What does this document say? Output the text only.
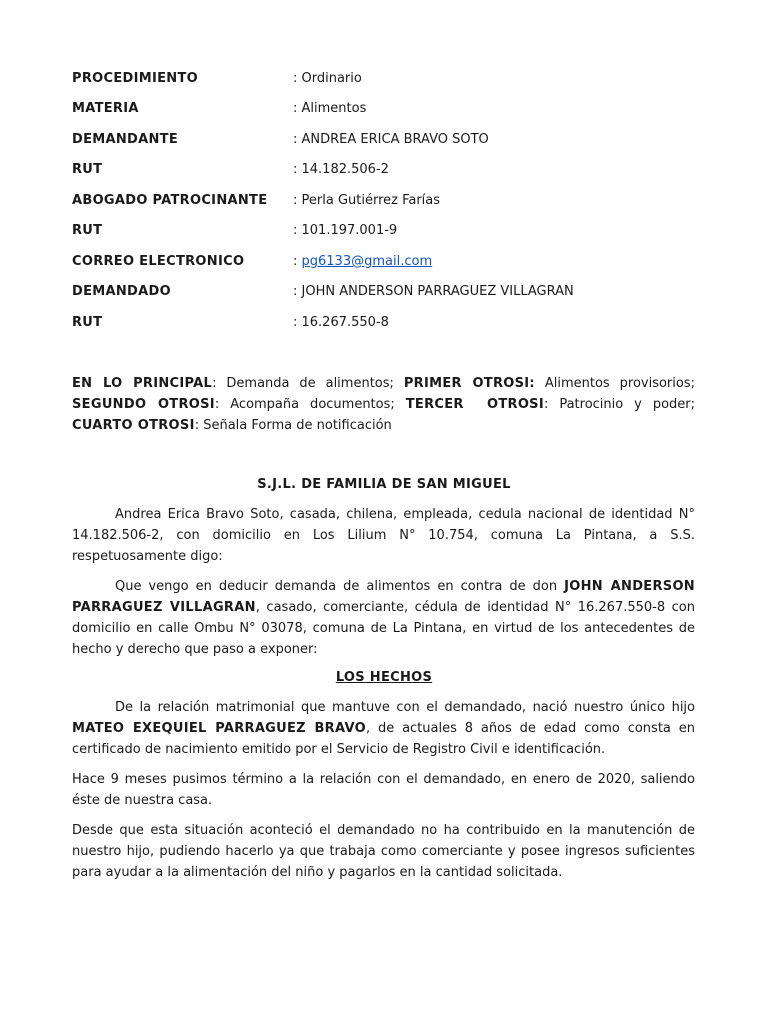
PROCEDIMIENTO	: Ordinario
MATERIA	: Alimentos
DEMANDANTE	: ANDREA ERICA BRAVO SOTO
RUT	: 14.182.506-2
ABOGADO PATROCINANTE : Perla Gutiérrez Farías
RUT	: 101.197.001-9
CORREO ELECTRONICO	: pg6133@gmail.com
DEMANDADO	: JOHN ANDERSON PARRAGUEZ VILLAGRAN
RUT	: 16.267.550-8
EN LO PRINCIPAL: Demanda de alimentos; PRIMER OTROSI: Alimentos provisorios; SEGUNDO OTROSI: Acompaña documentos; TERCER  OTROSI: Patrocinio y poder; CUARTO OTROSI: Señala Forma de notificación
S.J.L. DE FAMILIA DE SAN MIGUEL
Andrea Erica Bravo Soto, casada, chilena, empleada, cedula nacional de identidad N° 14.182.506-2, con domicilio en Los Lilium N° 10.754, comuna La Pintana, a S.S. respetuosamente digo:
Que vengo en deducir demanda de alimentos en contra de don JOHN ANDERSON PARRAGUEZ VILLAGRAN, casado, comerciante, cédula de identidad N° 16.267.550-8 con domicilio en calle Ombu N° 03078, comuna de La Pintana, en virtud de los antecedentes de hecho y derecho que paso a exponer:
LOS HECHOS
De la relación matrimonial que mantuve con el demandado, nació nuestro único hijo MATEO EXEQUIEL PARRAGUEZ BRAVO, de actuales 8 años de edad como consta en certificado de nacimiento emitido por el Servicio de Registro Civil e identificación.
Hace 9 meses pusimos término a la relación con el demandado, en enero de 2020, saliendo éste de nuestra casa.
Desde que esta situación aconteció el demandado no ha contribuido en la manutención de nuestro hijo, pudiendo hacerlo ya que trabaja como comerciante y posee ingresos suficientes para ayudar a la alimentación del niño y pagarlos en la cantidad solicitada.
